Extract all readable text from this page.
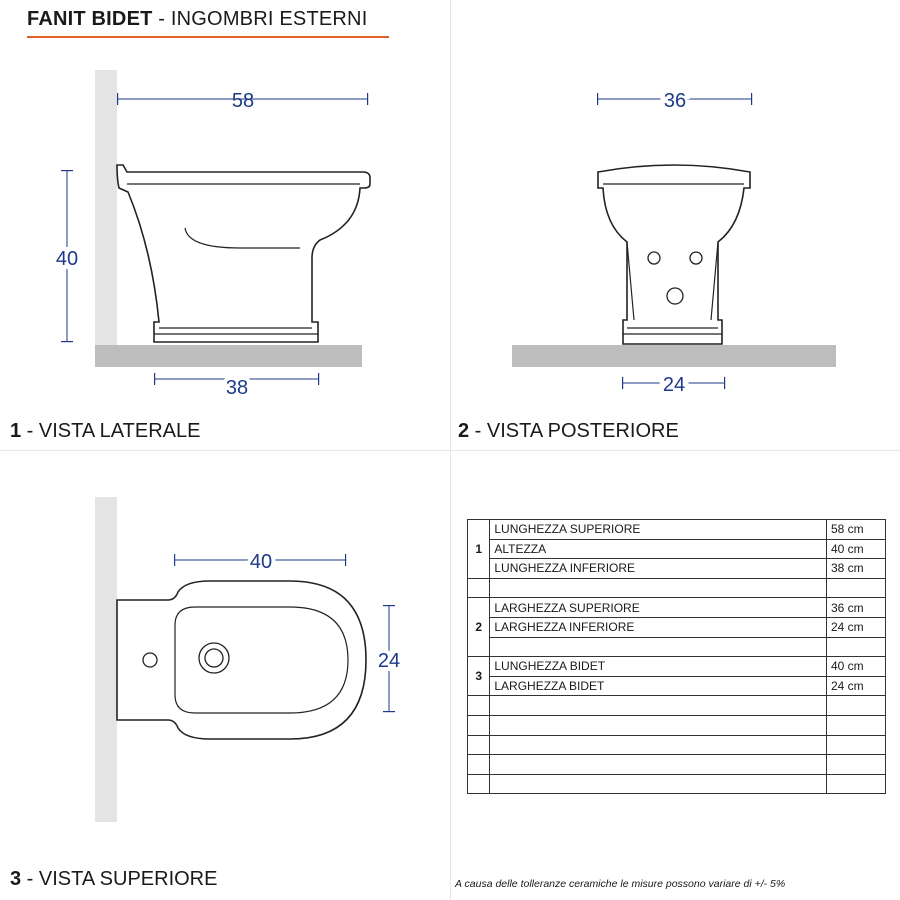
FANIT BIDET - INGOMBRI ESTERNI
58
40
38
36
24
40
24
1 - VISTA LATERALE	2 - VISTA POSTERIORE
3 - VISTA SUPERIORE
1	LUNGHEZZA SUPERIORE	58 cm
	ALTEZZA	40 cm
	LUNGHEZZA INFERIORE	38 cm

2	LARGHEZZA SUPERIORE	36 cm
	LARGHEZZA INFERIORE	24 cm

3	LUNGHEZZA BIDET	40 cm
	LARGHEZZA BIDET	24 cm

A causa delle tolleranze ceramiche le misure possono variare di +/- 5%
